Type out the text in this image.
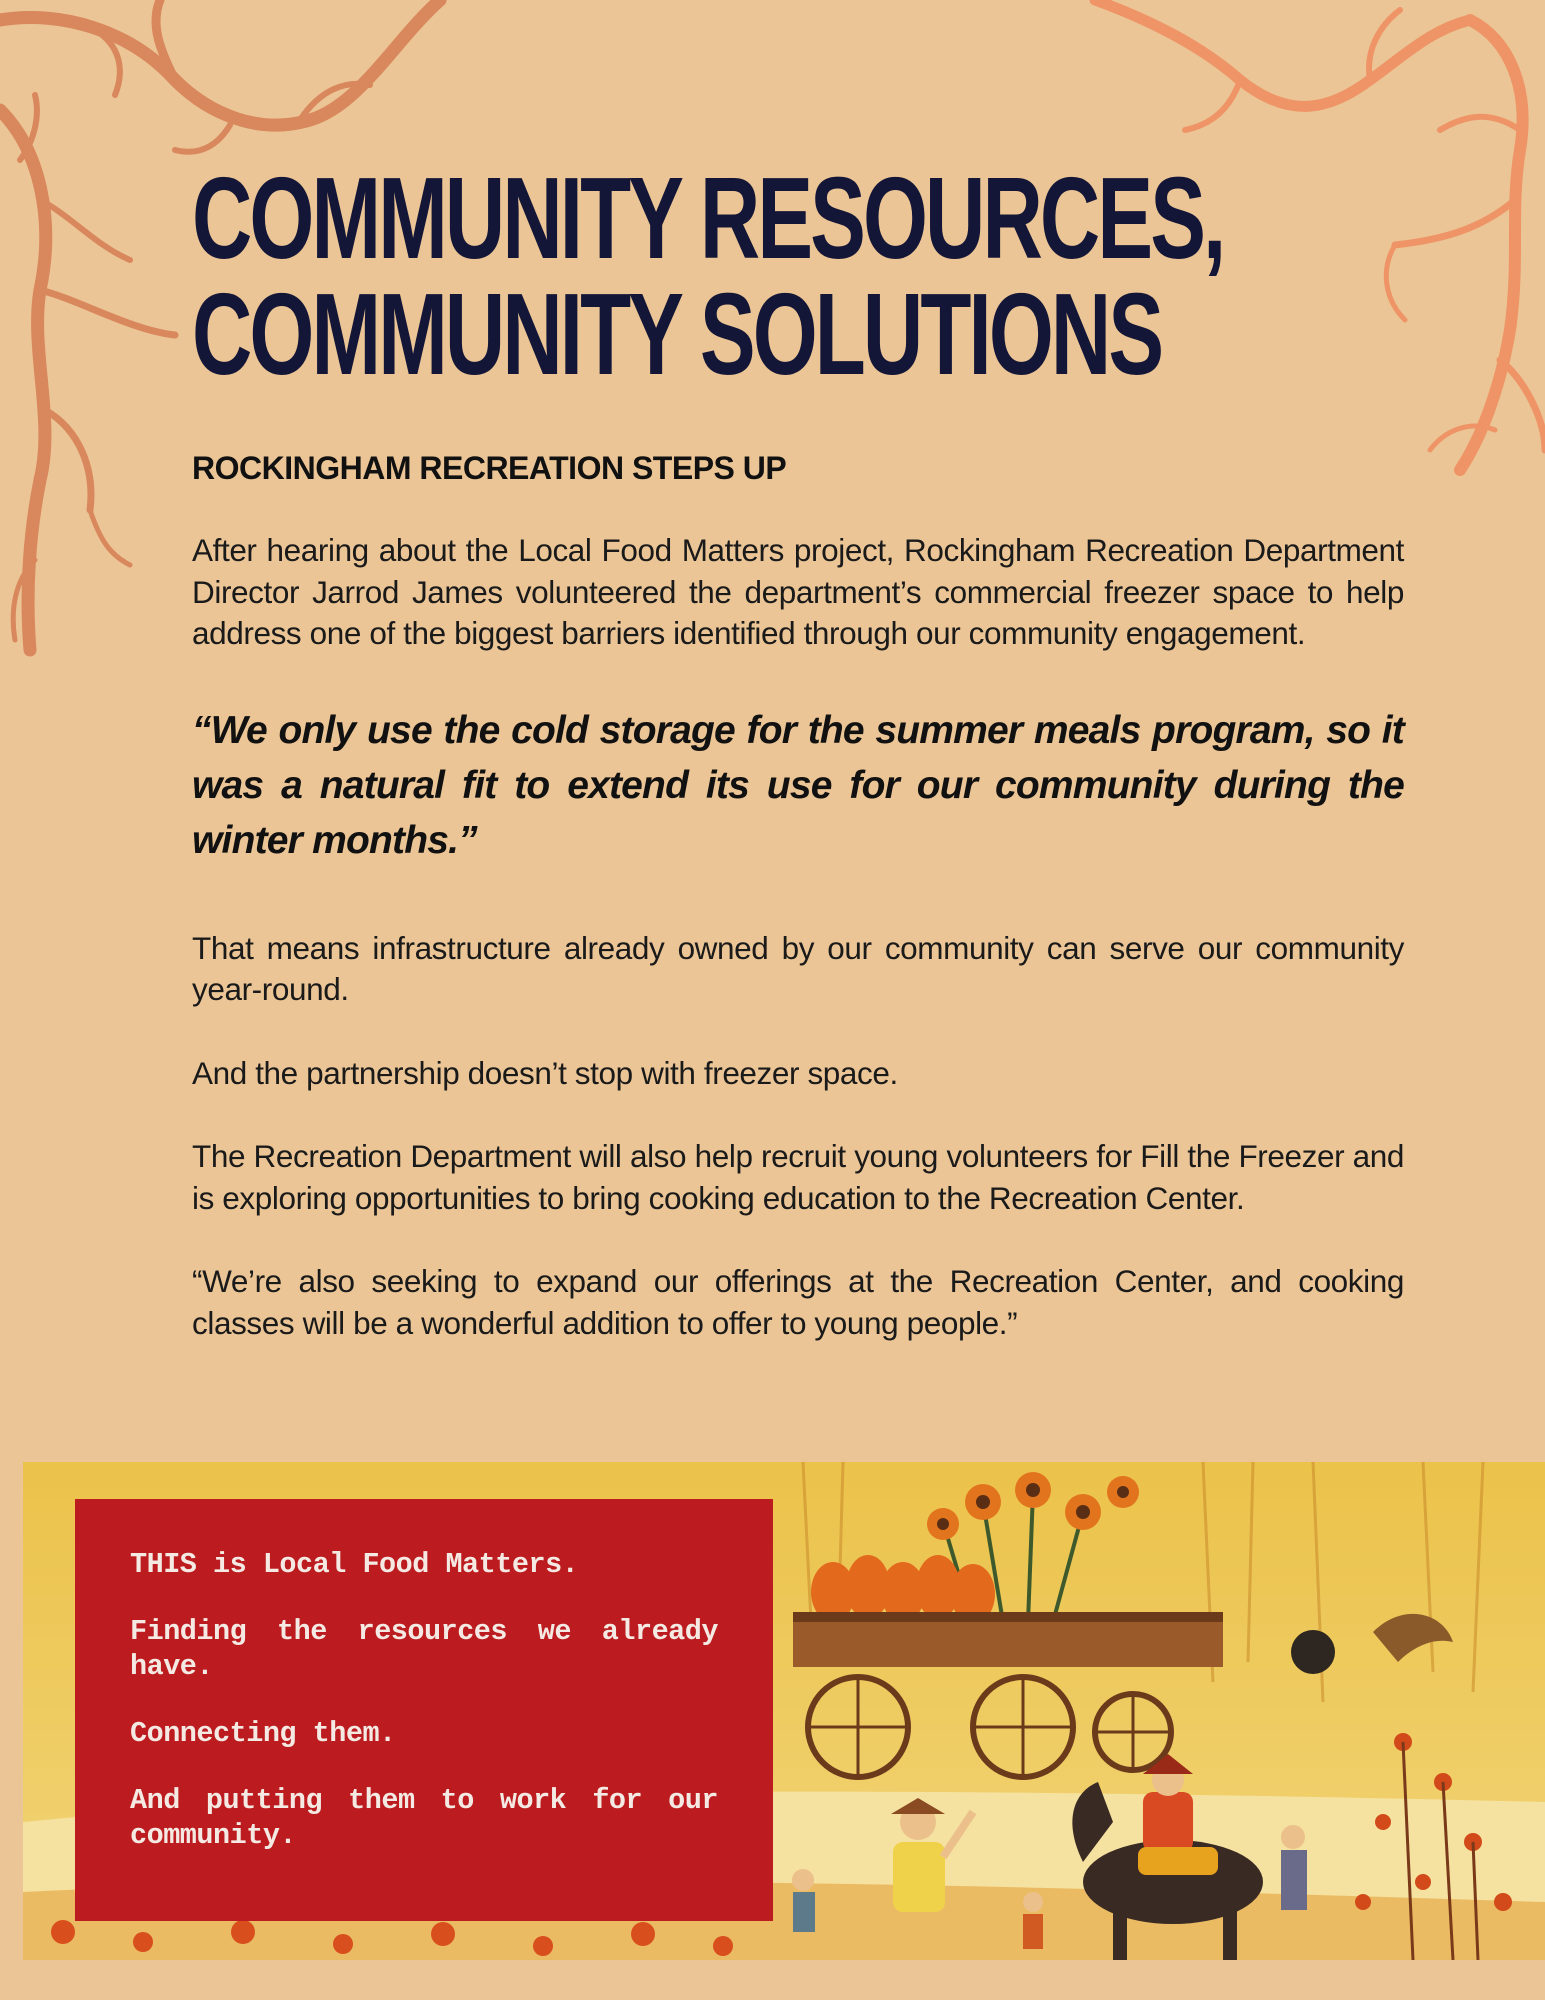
COMMUNITY RESOURCES,
COMMUNITY SOLUTIONS
ROCKINGHAM RECREATION STEPS UP

After hearing about the Local Food Matters project, Rockingham Recreation Department Director Jarrod James volunteered the department’s commercial freezer space to help address one of the biggest barriers identified through our community engagement.

“We only use the cold storage for the summer meals program, so it was a natural fit to extend its use for our community during the winter months.”

That means infrastructure already owned by our community can serve our community year-round.

And the partnership doesn’t stop with freezer space.

The Recreation Department will also help recruit young volunteers for Fill the Freezer and is exploring opportunities to bring cooking education to the Recreation Center.

“We’re also seeking to expand our offerings at the Recreation Center, and cooking classes will be a wonderful addition to offer to young people.”

THIS is Local Food Matters.

Finding the resources we already have.

Connecting them.

And putting them to work for our community.
